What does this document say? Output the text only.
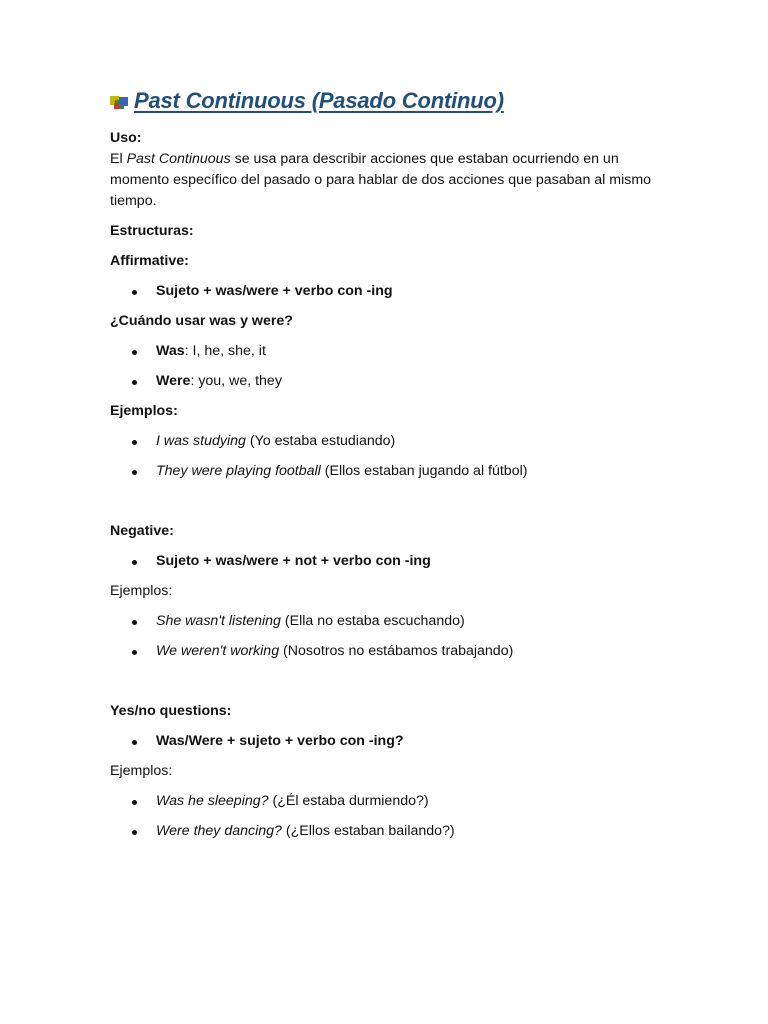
Past Continuous (Pasado Continuo)

Uso:

El Past Continuous se usa para describir acciones que estaban ocurriendo en un momento específico del pasado o para hablar de dos acciones que pasaban al mismo tiempo.

Estructuras:

Affirmative:

Sujeto + was/were + verbo con -ing

¿Cuándo usar was y were?

Was: I, he, she, it
Were: you, we, they

Ejemplos:

I was studying (Yo estaba estudiando)
They were playing football (Ellos estaban jugando al fútbol)

Negative:

Sujeto + was/were + not + verbo con -ing

Ejemplos:

She wasn't listening (Ella no estaba escuchando)
We weren't working (Nosotros no estábamos trabajando)

Yes/no questions:

Was/Were + sujeto + verbo con -ing?

Ejemplos:

Was he sleeping? (¿Él estaba durmiendo?)
Were they dancing? (¿Ellos estaban bailando?)
